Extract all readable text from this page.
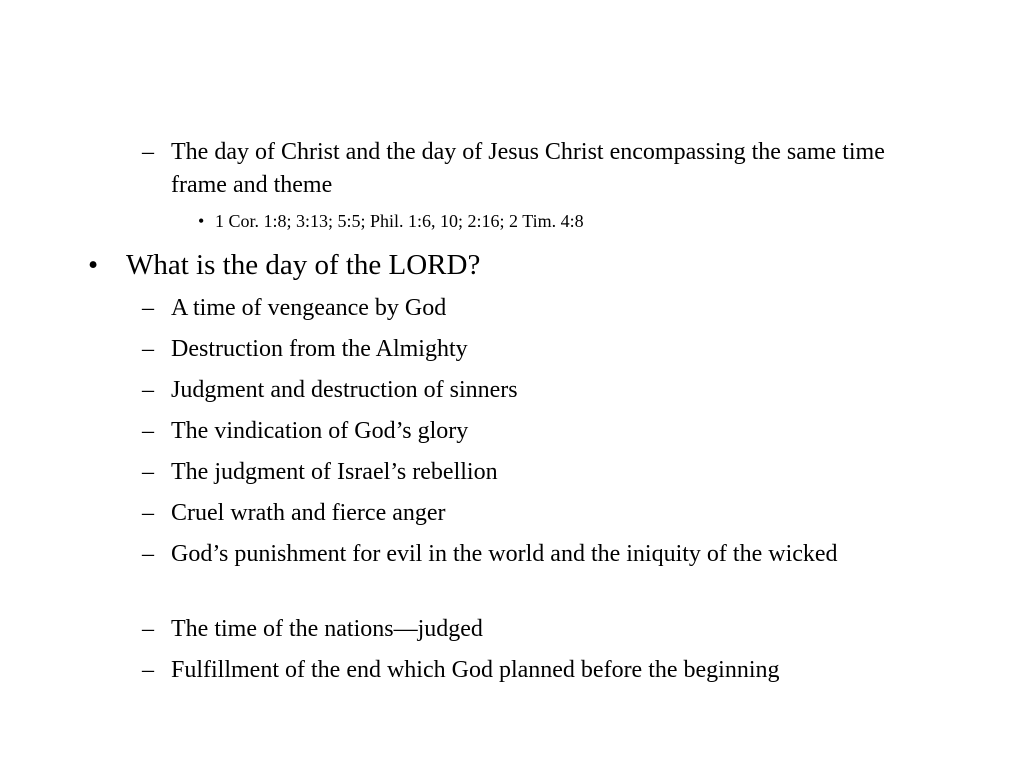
– The day of Christ and the day of Jesus Christ encompassing the same time frame and theme
• 1 Cor. 1:8; 3:13; 5:5; Phil. 1:6, 10; 2:16; 2 Tim. 4:8
• What is the day of the LORD?
– A time of vengeance by God
– Destruction from the Almighty
– Judgment and destruction of sinners
– The vindication of God’s glory
– The judgment of Israel’s rebellion
– Cruel wrath and fierce anger
– God’s punishment for evil in the world and the iniquity of the wicked
– The time of the nations—judged
– Fulfillment of the end which God planned before the beginning
